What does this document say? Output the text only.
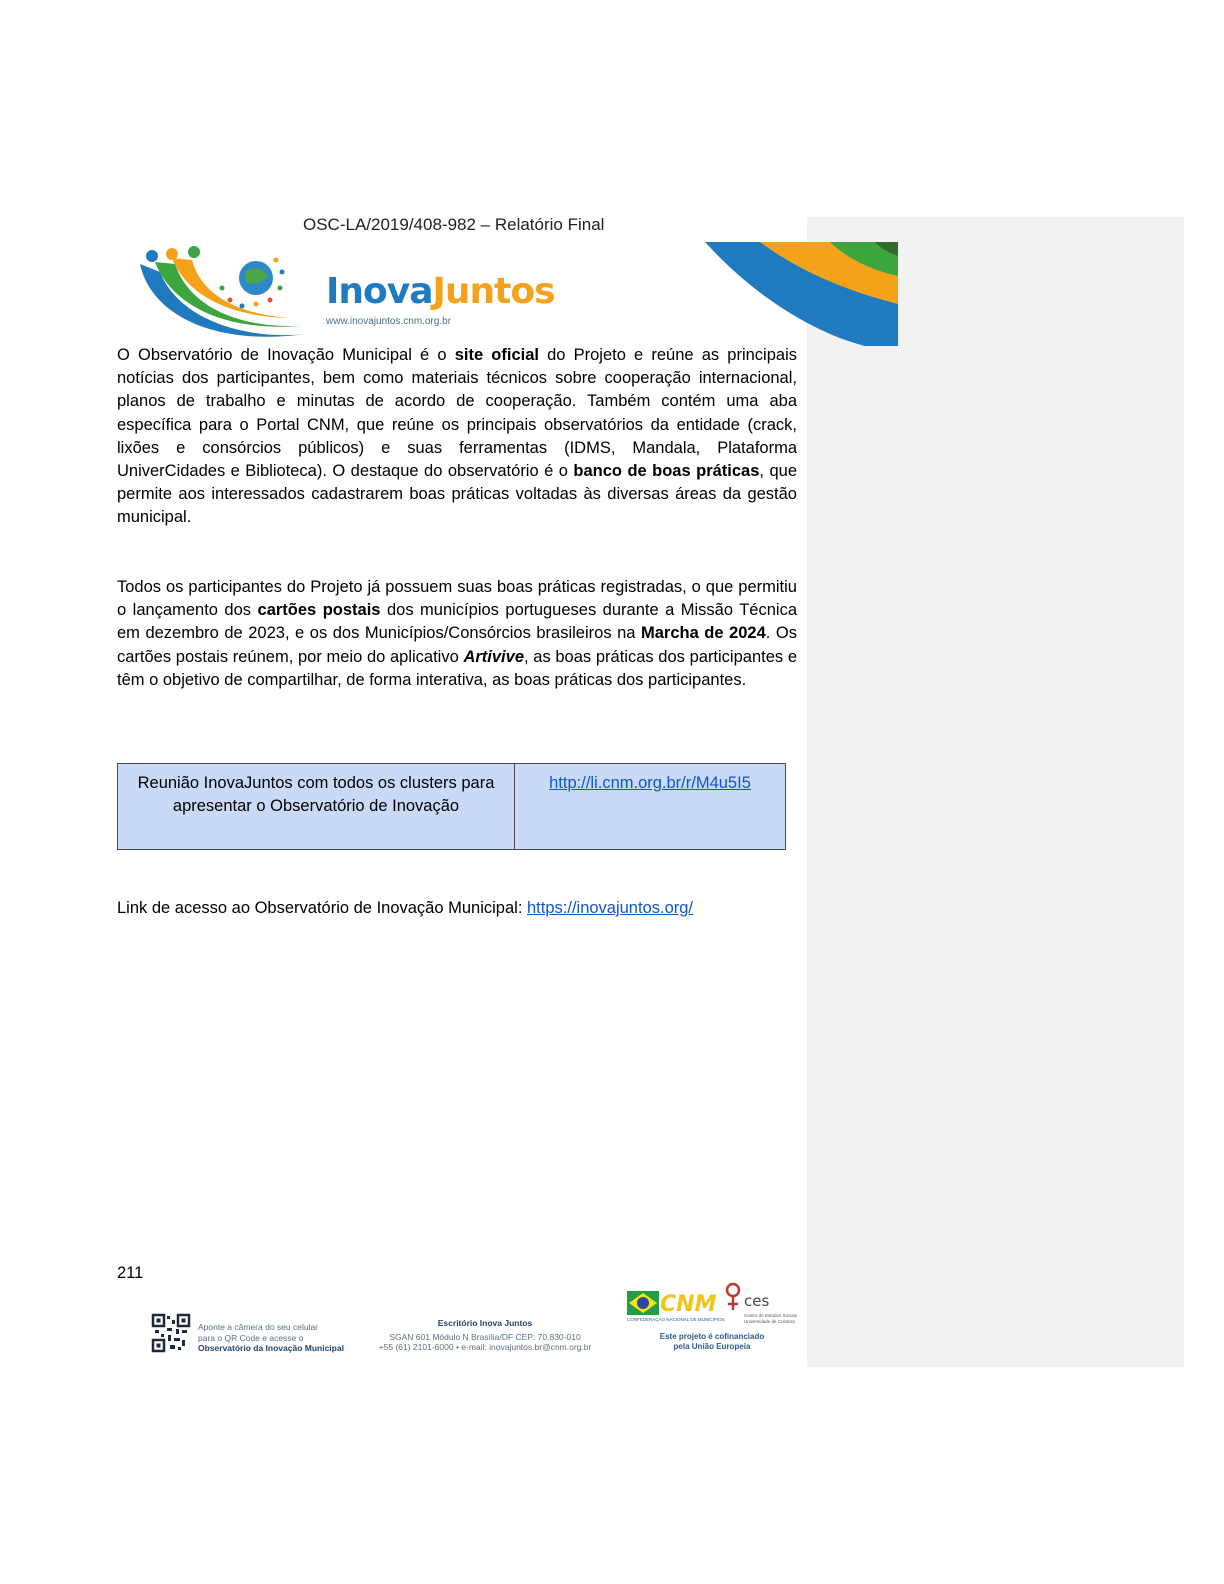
OSC-LA/2019/408-982 – Relatório Final
InovaJuntos
www.inovajuntos.cnm.org.br

O Observatório de Inovação Municipal é o site oficial do Projeto e reúne as principais notícias dos participantes, bem como materiais técnicos sobre cooperação internacional, planos de trabalho e minutas de acordo de cooperação. Também contém uma aba específica para o Portal CNM, que reúne os principais observatórios da entidade (crack, lixões e consórcios públicos) e suas ferramentas (IDMS, Mandala, Plataforma UniverCidades e Biblioteca). O destaque do observatório é o banco de boas práticas, que permite aos interessados cadastrarem boas práticas voltadas às diversas áreas da gestão municipal.

Todos os participantes do Projeto já possuem suas boas práticas registradas, o que permitiu o lançamento dos cartões postais dos municípios portugueses durante a Missão Técnica em dezembro de 2023, e os dos Municípios/Consórcios brasileiros na Marcha de 2024. Os cartões postais reúnem, por meio do aplicativo Artivive, as boas práticas dos participantes e têm o objetivo de compartilhar, de forma interativa, as boas práticas dos participantes.

Reunião InovaJuntos com todos os clusters para apresentar o Observatório de Inovação	http://li.cnm.org.br/r/M4u5I5
Link de acesso ao Observatório de Inovação Municipal: https://inovajuntos.org/
211
Aponte a câmera do seu celular
para o QR Code e acesse o
Observatório da Inovação Municipal
Escritório Inova Juntos
SGAN 601 Módulo N Brasília/DF CEP: 70.830-010
+55 (61) 2101-6000 • e-mail: inovajuntos.br@cnm.org.br
CNM
CONFEDERAÇÃO NACIONAL DE MUNICÍPIOS
ces
Centro de Estudos Sociais
Universidade de Coimbra
Este projeto é cofinanciado
pela União Europeia
